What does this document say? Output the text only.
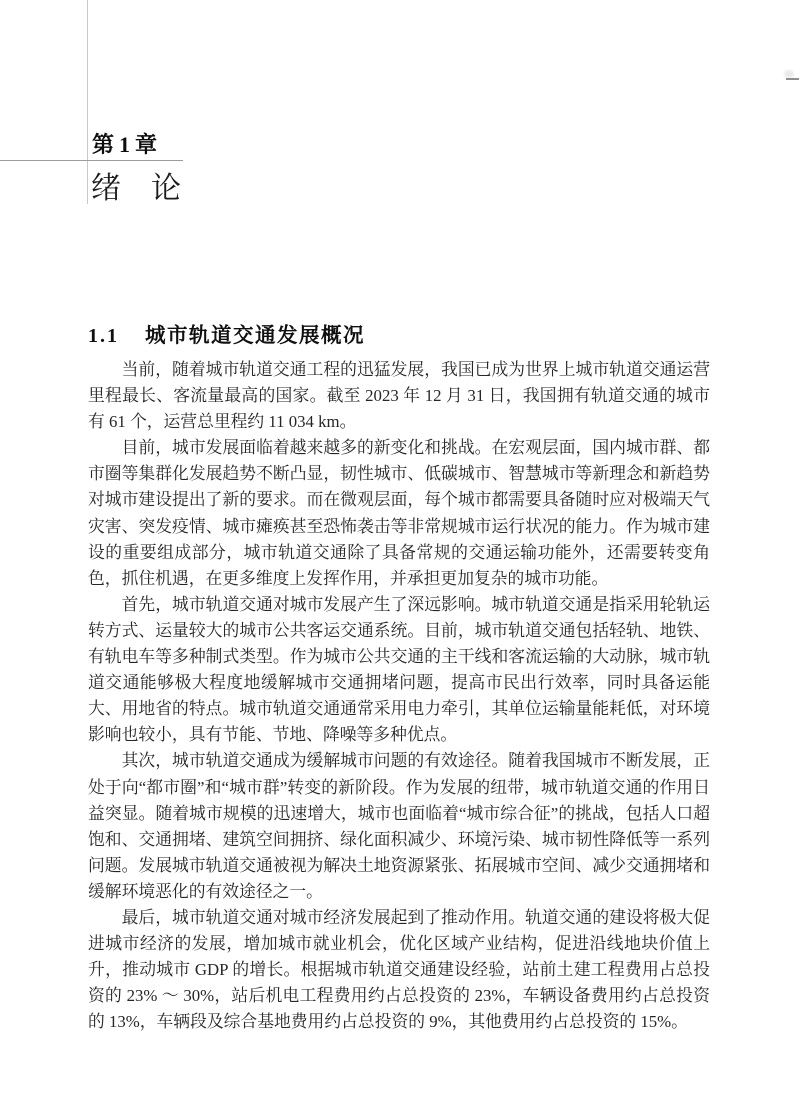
第1章
绪　论
1.1 城市轨道交通发展概况

当前，随着城市轨道交通工程的迅猛发展，我国已成为世界上城市轨道交通运营里程最长、客流量最高的国家。截至 2023 年 12 月 31 日，我国拥有轨道交通的城市有 61 个，运营总里程约 11 034 km。

目前，城市发展面临着越来越多的新变化和挑战。在宏观层面，国内城市群、都市圈等集群化发展趋势不断凸显，韧性城市、低碳城市、智慧城市等新理念和新趋势对城市建设提出了新的要求。而在微观层面，每个城市都需要具备随时应对极端天气灾害、突发疫情、城市瘫痪甚至恐怖袭击等非常规城市运行状况的能力。作为城市建设的重要组成部分，城市轨道交通除了具备常规的交通运输功能外，还需要转变角色，抓住机遇，在更多维度上发挥作用，并承担更加复杂的城市功能。

首先，城市轨道交通对城市发展产生了深远影响。城市轨道交通是指采用轮轨运转方式、运量较大的城市公共客运交通系统。目前，城市轨道交通包括轻轨、地铁、有轨电车等多种制式类型。作为城市公共交通的主干线和客流运输的大动脉，城市轨道交通能够极大程度地缓解城市交通拥堵问题，提高市民出行效率，同时具备运能大、用地省的特点。城市轨道交通通常采用电力牵引，其单位运输量能耗低，对环境影响也较小，具有节能、节地、降噪等多种优点。

其次，城市轨道交通成为缓解城市问题的有效途径。随着我国城市不断发展，正处于向“都市圈”和“城市群”转变的新阶段。作为发展的纽带，城市轨道交通的作用日益突显。随着城市规模的迅速增大，城市也面临着“城市综合征”的挑战，包括人口超饱和、交通拥堵、建筑空间拥挤、绿化面积减少、环境污染、城市韧性降低等一系列问题。发展城市轨道交通被视为解决土地资源紧张、拓展城市空间、减少交通拥堵和缓解环境恶化的有效途径之一。

最后，城市轨道交通对城市经济发展起到了推动作用。轨道交通的建设将极大促进城市经济的发展，增加城市就业机会，优化区域产业结构，促进沿线地块价值上升，推动城市 GDP 的增长。根据城市轨道交通建设经验，站前土建工程费用占总投资的 23% ～ 30%，站后机电工程费用约占总投资的 23%，车辆设备费用约占总投资的 13%，车辆段及综合基地费用约占总投资的 9%，其他费用约占总投资的 15%。
